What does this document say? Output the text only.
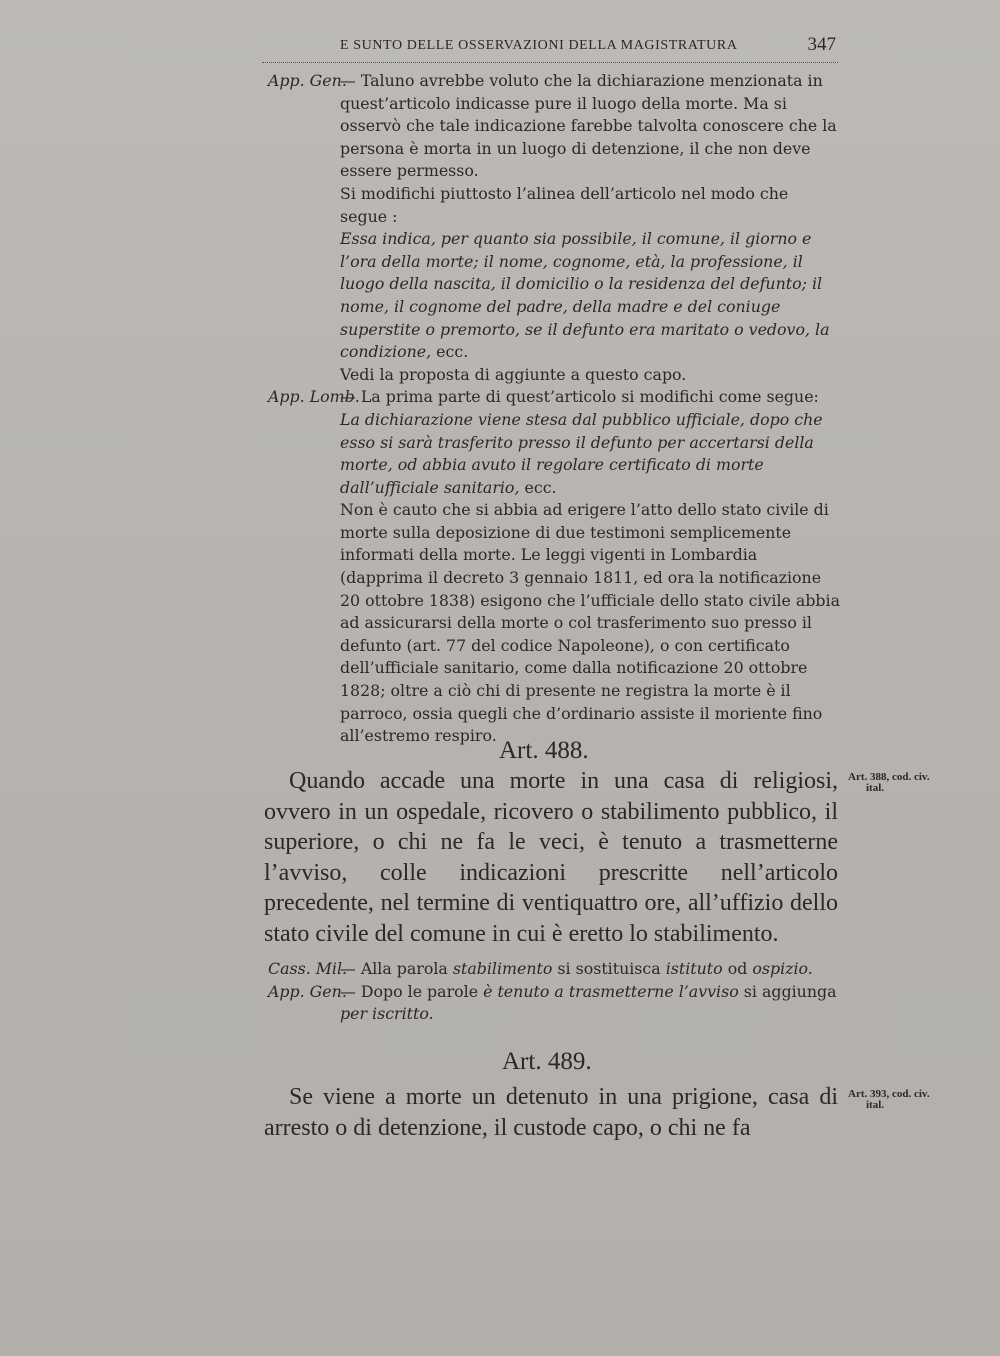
E SUNTO DELLE OSSERVAZIONI DELLA MAGISTRATURA	347
App. Gen.

— Taluno avrebbe voluto che la dichiarazione menzionata in quest’articolo indicasse pure il luogo della morte. Ma si osservò che tale indicazione farebbe talvolta conoscere che la persona è morta in un luogo di detenzione, il che non deve essere permesso.

Si modifichi piuttosto l’alinea dell’articolo nel modo che segue :

Essa indica, per quanto sia possibile, il comune, il giorno e l’ora della morte; il nome, cognome, età, la professione, il luogo della nascita, il domicilio o la residenza del defunto; il nome, il cognome del padre, della madre e del coniuge superstite o premorto, se il defunto era maritato o vedovo, la condizione, ecc.

Vedi la proposta di aggiunte a questo capo.

App. Lomb.

— La prima parte di quest’articolo si modifichi come segue: La dichiarazione viene stesa dal pubblico ufficiale, dopo che esso si sarà trasferito presso il defunto per accertarsi della morte, od abbia avuto il regolare certificato di morte dall’ufficiale sanitario, ecc.

Non è cauto che si abbia ad erigere l’atto dello stato civile di morte sulla deposizione di due testimoni semplicemente informati della morte. Le leggi vigenti in Lombardia (dapprima il decreto 3 gennaio 1811, ed ora la notificazione 20 ottobre 1838) esigono che l’ufficiale dello stato civile abbia ad assicurarsi della morte o col trasferimento suo presso il defunto (art. 77 del codice Napoleone), o con certificato dell’ufficiale sanitario, come dalla notificazione 20 ottobre 1828; oltre a ciò chi di presente ne registra la morte è il parroco, ossia quegli che d’ordinario assiste il moriente fino all’estremo respiro.

Art. 488.
Art. 388, cod. civ.
ital.

Quando accade una morte in una casa di religiosi, ovvero in un ospedale, ricovero o stabilimento pubblico, il superiore, o chi ne fa le veci, è tenuto a trasmetterne l’avviso, colle indicazioni prescritte nell’articolo precedente, nel termine di ventiquattro ore, all’uffizio dello stato civile del comune in cui è eretto lo stabilimento.

Cass. Mil.

— Alla parola stabilimento si sostituisca istituto od ospizio.

App. Gen.

— Dopo le parole è tenuto a trasmetterne l’avviso si aggiunga per iscritto.

Art. 489.
Art. 393, cod. civ.
ital.

Se viene a morte un detenuto in una prigione, casa di arresto o di detenzione, il custode capo, o chi ne fa
